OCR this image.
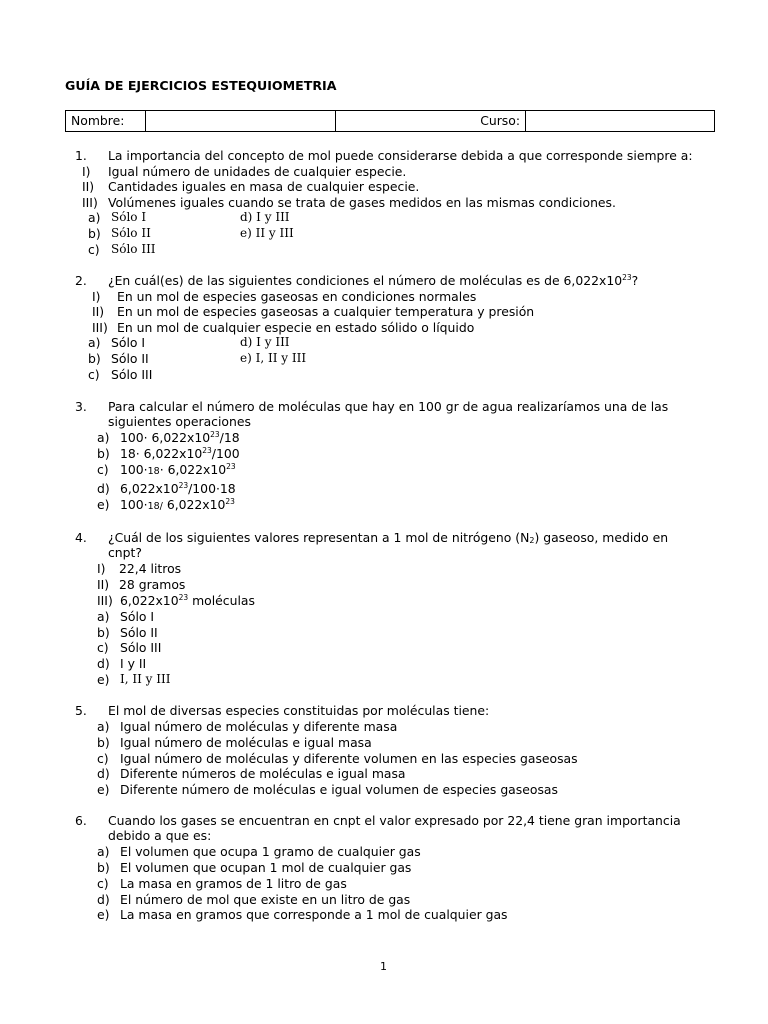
GUÍA DE EJERCICIOS ESTEQUIOMETRIA
Nombre:		Curso:	
1. La importancia del concepto de mol puede considerarse debida a que corresponde siempre a:
I) Igual número de unidades de cualquier especie.
II) Cantidades iguales en masa de cualquier especie.
III) Volúmenes iguales cuando se trata de gases medidos en las mismas condiciones.
a) Sólo I	d) I y III
b) Sólo II	e) II y III
c) Sólo III
2. ¿En cuál(es) de las siguientes condiciones el número de moléculas es de $6,022x10^{23}$?
I) En un mol de especies gaseosas en condiciones normales
II) En un mol de especies gaseosas a cualquier temperatura y presión
III) En un mol de cualquier especie en estado sólido o líquido
a) Sólo I	d) I y III
b) Sólo II	e) I, II y III
c) Sólo III
3. Para calcular el número de moléculas que hay en 100 gr de agua realizaríamos una de las
siguientes operaciones
a) $100\cdot 6,022x10^{23}/18$
b) $18\cdot 6,022x10^{23}/100$
c) $100\cdot 18\cdot 6,022x10^{23}$
d) $6,022x10^{23}/100\cdot 18$
e) 100·18/ $6,022x10^{23}$
4. ¿Cuál de los siguientes valores representan a 1 mol de nitrógeno $(N_2)$ gaseoso, medido en
cnpt?
I) 22,4 litros
II) 28 gramos
III) $6,022x10^{23}$ moléculas
a) Sólo I
b) Sólo II
c) Sólo III
d) I y II
e) I, II y III
5. El mol de diversas especies constituidas por moléculas tiene:
a) Igual número de moléculas y diferente masa
b) Igual número de moléculas e igual masa
c) Igual número de moléculas y diferente volumen en las especies gaseosas
d) Diferente números de moléculas e igual masa
e) Diferente número de moléculas e igual volumen de especies gaseosas
6. Cuando los gases se encuentran en cnpt el valor expresado por 22,4 tiene gran importancia
debido a que es:
a) El volumen que ocupa 1 gramo de cualquier gas
b) El volumen que ocupan 1 mol de cualquier gas
c) La masa en gramos de 1 litro de gas
d) El número de mol que existe en un litro de gas
e) La masa en gramos que corresponde a 1 mol de cualquier gas
1
